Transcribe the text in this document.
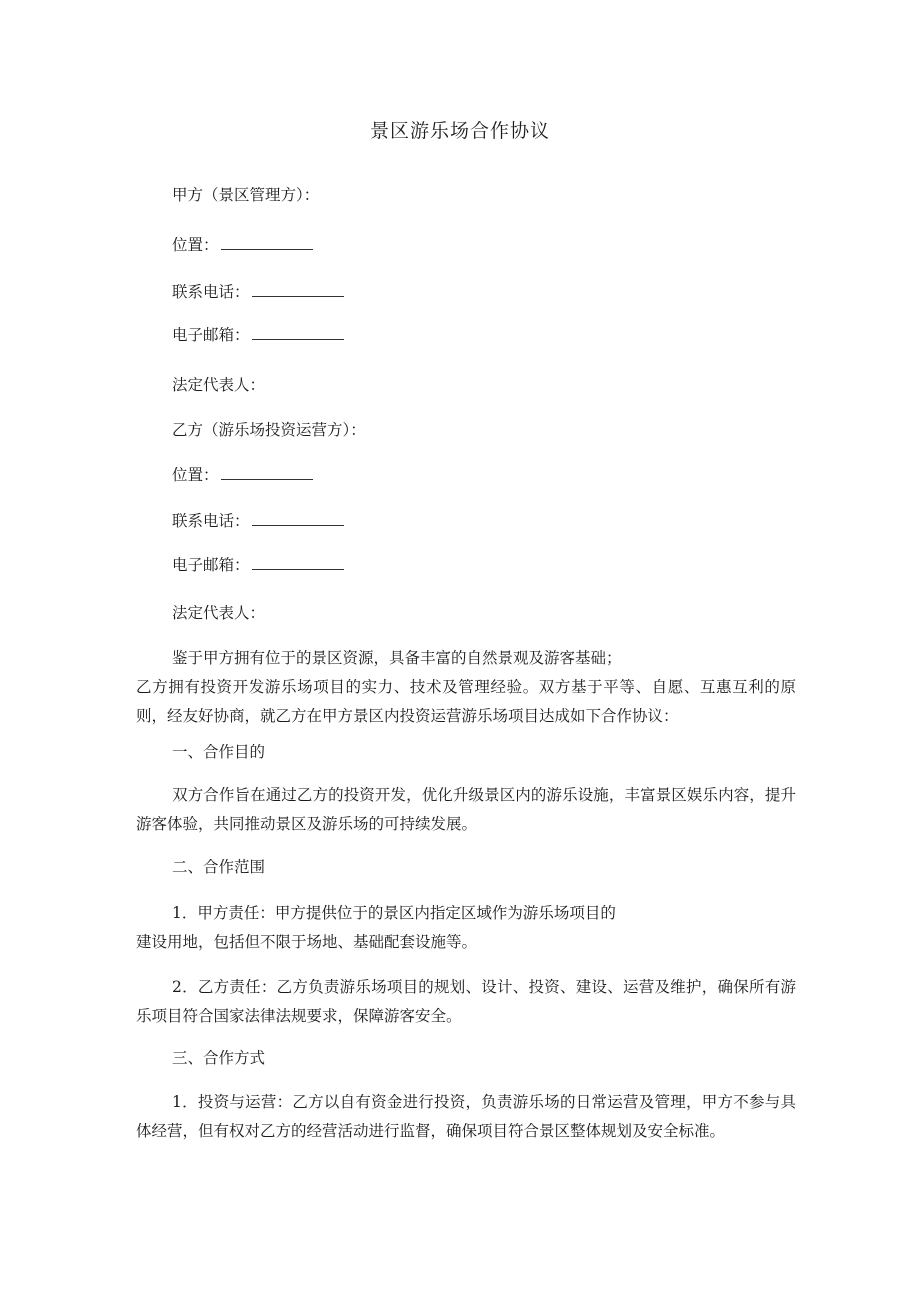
景区游乐场合作协议
甲方（景区管理方）：
位置：
联系电话：
电子邮箱：
法定代表人：
乙方（游乐场投资运营方）：
位置：
联系电话：
电子邮箱：
法定代表人：
鉴于甲方拥有位于的景区资源，具备丰富的自然景观及游客基础；
乙方拥有投资开发游乐场项目的实力、技术及管理经验。双方基于平等、自愿、互惠互利的原则，经友好协商，就乙方在甲方景区内投资运营游乐场项目达成如下合作协议：
一、合作目的
双方合作旨在通过乙方的投资开发，优化升级景区内的游乐设施，丰富景区娱乐内容，提升游客体验，共同推动景区及游乐场的可持续发展。
二、合作范围
1．甲方责任：甲方提供位于的景区内指定区域作为游乐场项目的
建设用地，包括但不限于场地、基础配套设施等。
2．乙方责任：乙方负责游乐场项目的规划、设计、投资、建设、运营及维护，确保所有游乐项目符合国家法律法规要求，保障游客安全。
三、合作方式
1．投资与运营：乙方以自有资金进行投资，负责游乐场的日常运营及管理，甲方不参与具体经营，但有权对乙方的经营活动进行监督，确保项目符合景区整体规划及安全标准。
